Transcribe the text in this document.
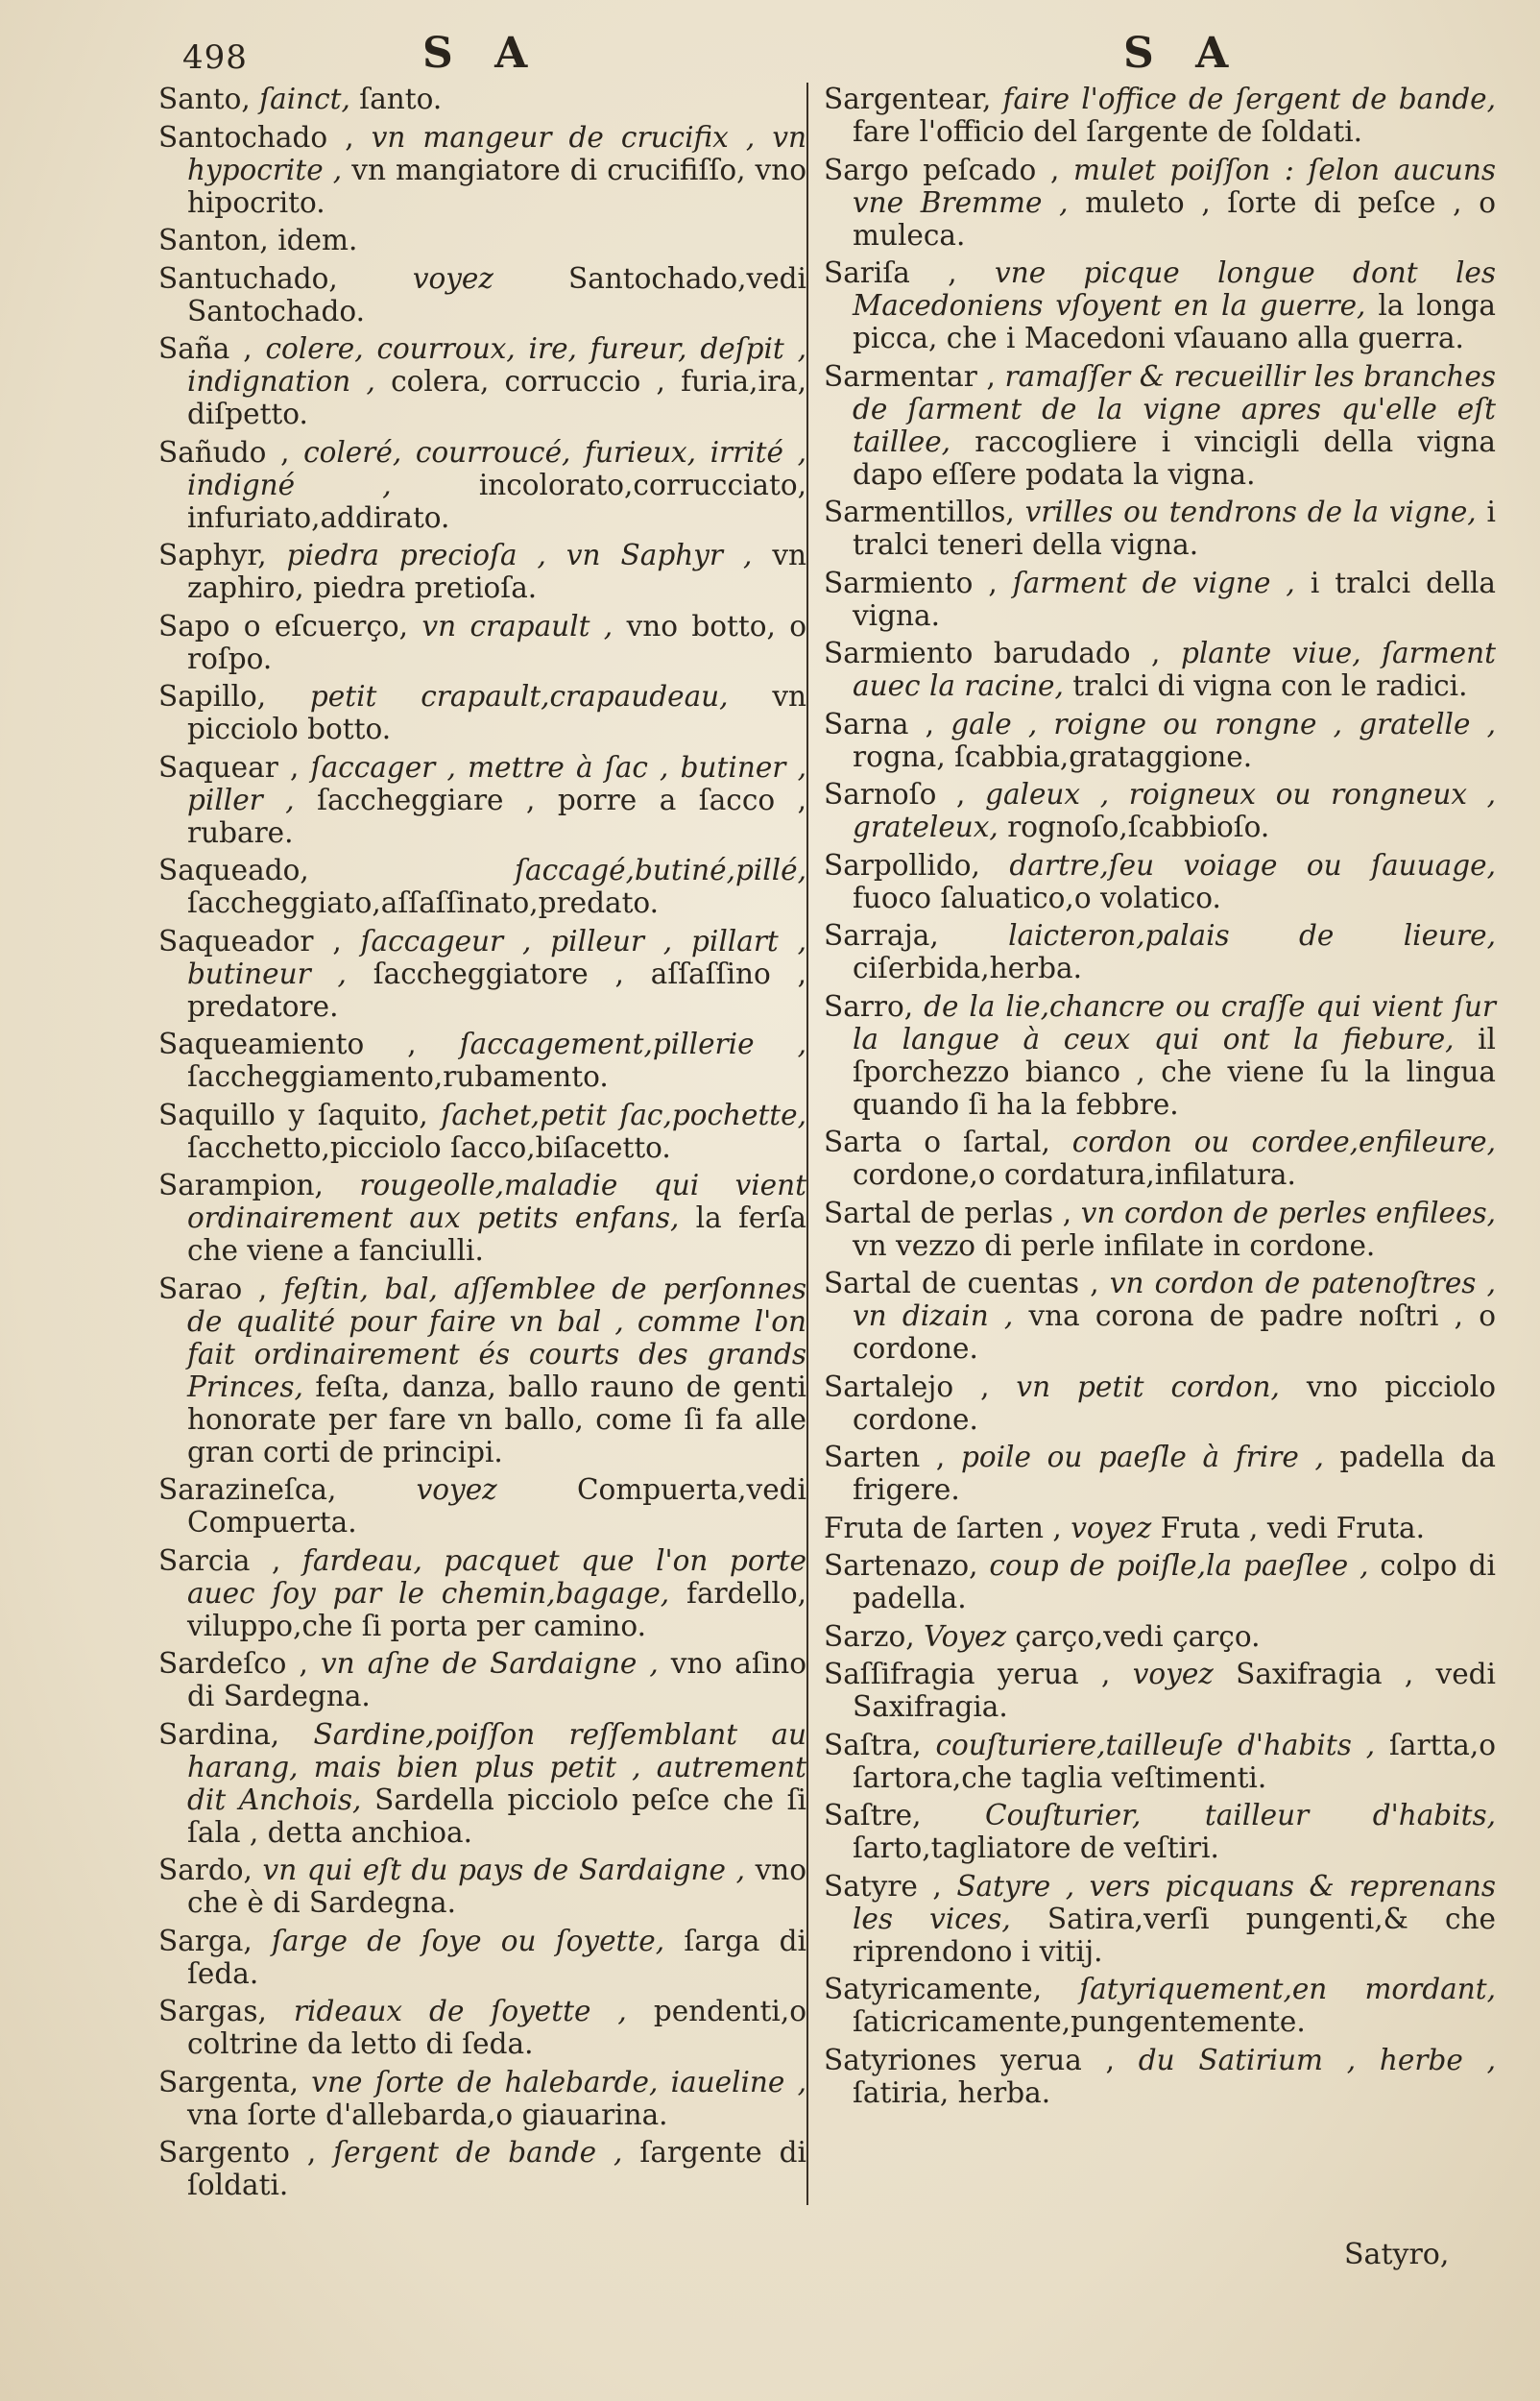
498	S A	S A
Santo, ſainct, ſanto.
Santochado , vn mangeur de crucifix , vn hypocrite , vn mangiatore di crucifiſſo, vno hipocrito.
Santon, idem.
Santuchado,	voyez	Santochado,vedi Santochado.
Saña , colere, courroux, ire, fureur, deſpit , indignation , colera, corruccio , furia,ira, diſpetto.
Sañudo , coleré, courroucé, furieux, irrité , indigné ,	incolorato,corrucciato, infuriato,addirato.
Saphyr, piedra precioſa , vn Saphyr , vn zaphiro, piedra pretioſa.
Sapo o eſcuerço, vn crapault , vno botto, o roſpo.
Sapillo, petit crapault,crapaudeau, vn picciolo botto.
Saquear , ſaccager , mettre à ſac , butiner , piller , ſaccheggiare , porre a ſacco , rubare.
Saqueado,	ſaccagé,butiné,pillé, ſaccheggiato,aſſaſſinato,predato.
Saqueador , ſaccageur , pilleur , pillart , butineur , ſaccheggiatore , aſſaſſino , predatore.
Saqueamiento , ſaccagement,pillerie , ſaccheggiamento,rubamento.
Saquillo y ſaquito, ſachet,petit ſac,pochette, ſacchetto,picciolo ſacco,biſacetto.
Sarampion, rougeolle,maladie qui vient ordinairement aux petits enfans, la ferſa che viene a fanciulli.
Sarao , feſtin, bal, aſſemblee de perſonnes de qualité pour faire vn bal , comme l'on fait ordinairement és courts des grands Princes, feſta, danza, ballo rauno de genti honorate per fare vn ballo, come ſi fa alle gran corti de principi.
Sarazineſca,	voyez	Compuerta,vedi Compuerta.
Sarcia , fardeau, pacquet que l'on porte auec ſoy par le chemin,bagage, fardello, viluppo,che ſi porta per camino.
Sardeſco , vn aſne de Sardaigne , vno aſino di Sardegna.
Sardina, Sardine,poiſſon reſſemblant au harang, mais bien plus petit , autrement dit Anchois, Sardella picciolo peſce che ſi ſala , detta anchioa.
Sardo, vn qui eſt du pays de Sardaigne , vno che è di Sardegna.
Sarga, ſarge de ſoye ou ſoyette, ſarga di ſeda.
Sargas, rideaux de ſoyette , pendenti,o coltrine da letto di ſeda.
Sargenta, vne ſorte de halebarde, iaueline , vna ſorte d'allebarda,o giauarina.
Sargento , ſergent de bande , ſargente di ſoldati.
Sargentear, faire l'office de ſergent de bande, fare l'officio del ſargente de ſoldati.
Sargo peſcado , mulet poiſſon : ſelon aucuns vne Bremme , muleto , ſorte di peſce , o muleca.
Sariſa , vne picque longue dont les Macedoniens vſoyent en la guerre, la longa picca, che i Macedoni vſauano alla guerra.
Sarmentar , ramaſſer & recueillir les branches de ſarment de la vigne apres qu'elle eſt taillee, raccogliere i vincigli della vigna dapo eſſere podata la vigna.
Sarmentillos, vrilles ou tendrons de la vigne, i tralci teneri della vigna.
Sarmiento , ſarment de vigne , i tralci della vigna.
Sarmiento barudado , plante viue, ſarment auec la racine, tralci di vigna con le radici.
Sarna , gale , roigne ou rongne , gratelle , rogna, ſcabbia,grataggione.
Sarnoſo , galeux , roigneux ou rongneux , grateleux, rognoſo,ſcabbioſo.
Sarpollido, dartre,ſeu voiage ou ſauuage, fuoco ſaluatico,o volatico.
Sarraja, laicteron,palais de lieure, ciſerbida,herba.
Sarro, de la lie,chancre ou craſſe qui vient ſur la langue à ceux qui ont la fiebure, il ſporchezzo bianco , che viene ſu la lingua quando ſi ha la febbre.
Sarta o ſartal, cordon ou cordee,enfileure, cordone,o cordatura,infilatura.
Sartal de perlas , vn cordon de perles enfilees, vn vezzo di perle infilate in cordone.
Sartal de cuentas , vn cordon de patenoſtres , vn dizain , vna corona de padre noſtri , o cordone.
Sartalejo , vn petit cordon, vno picciolo cordone.
Sarten , poile ou paeſle à frire , padella da frigere.
Fruta de ſarten , voyez Fruta , vedi Fruta.
Sartenazo, coup de poiſle,la paeſlee , colpo di padella.
Sarzo, Voyez çarço,vedi çarço.
Saſſifragia yerua , voyez Saxifragia , vedi Saxifragia.
Saſtra, couſturiere,tailleuſe d'habits , ſartta,o ſartora,che taglia veſtimenti.
Saſtre, Couſturier, tailleur d'habits, ſarto,tagliatore de veſtiri.
Satyre , Satyre , vers picquans & reprenans les vices, Satira,verſi pungenti,& che riprendono i vitij.
Satyricamente, ſatyriquement,en mordant, ſaticricamente,pungentemente.
Satyriones yerua , du Satirium , herbe , ſatiria, herba.
Satyro,
